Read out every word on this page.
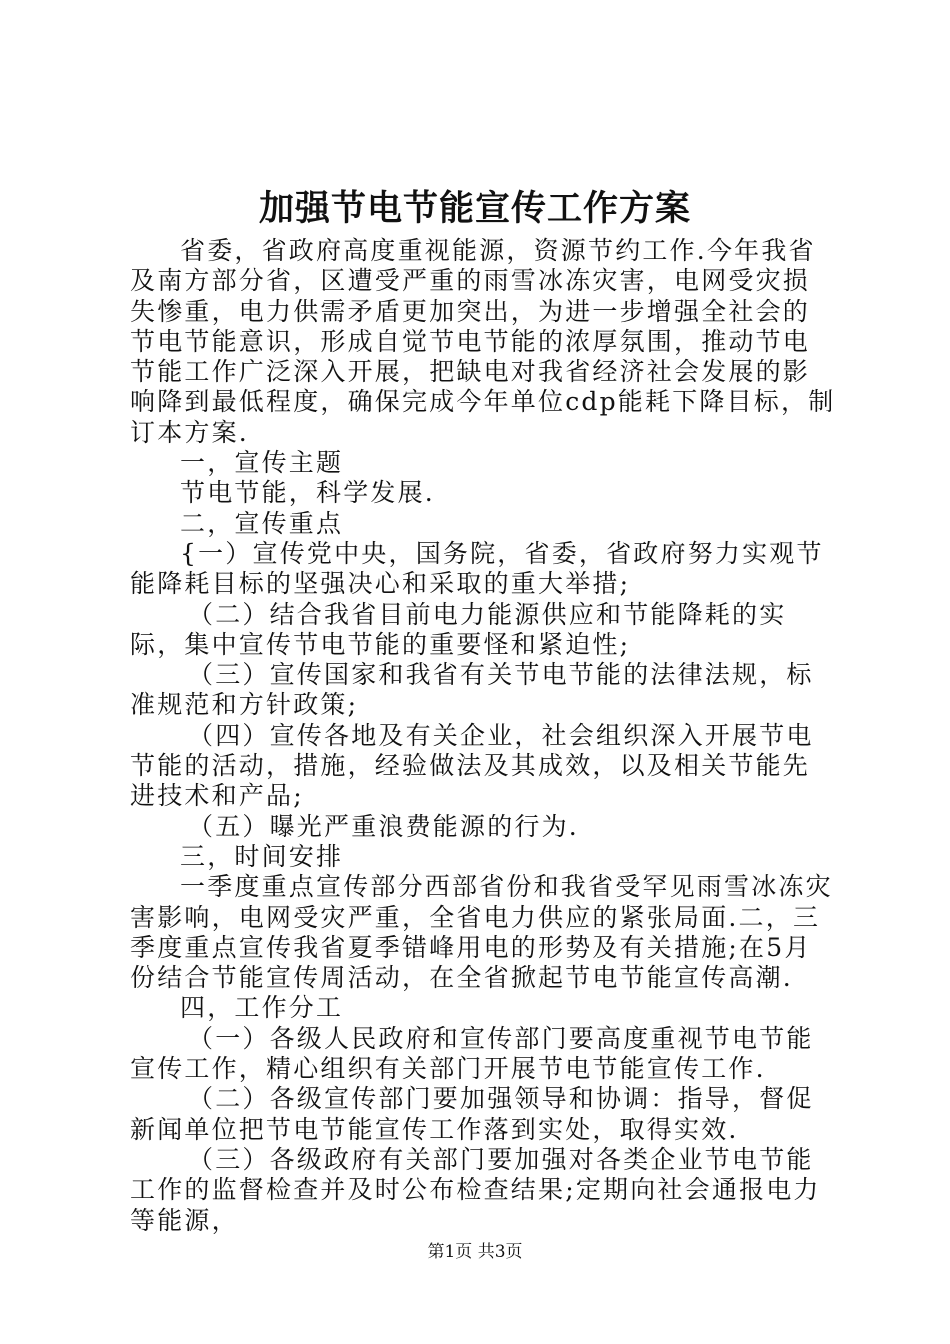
加强节电节能宣传工作方案

省委，省政府高度重视能源，资源节约工作.今年我省及南方部分省，区遭受严重的雨雪冰冻灾害，电网受灾损失惨重，电力供需矛盾更加突出，为进一步增强全社会的节电节能意识，形成自觉节电节能的浓厚氛围，推动节电节能工作广泛深入开展，把缺电对我省经济社会发展的影响降到最低程度，确保完成今年单位cdp能耗下降目标，制订本方案.

一，宣传主题

节电节能，科学发展.

二，宣传重点

{一）宣传党中央，国务院，省委，省政府努力实观节能降耗目标的坚强决心和采取的重大举措;

（二）结合我省目前电力能源供应和节能降耗的实际，集中宣传节电节能的重要怪和紧迫性;

（三）宣传国家和我省有关节电节能的法律法规，标准规范和方针政策;

（四）宣传各地及有关企业，社会组织深入开展节电节能的活动，措施，经验做法及其成效，以及相关节能先进技术和产品;

（五）曝光严重浪费能源的行为.

三，时间安排

一季度重点宣传部分西部省份和我省受罕见雨雪冰冻灾害影响，电网受灾严重，全省电力供应的紧张局面.二，三季度重点宣传我省夏季错峰用电的形势及有关措施;在5月份结合节能宣传周活动，在全省掀起节电节能宣传高潮.

四，工作分工

（一）各级人民政府和宣传部门要高度重视节电节能宣传工作，精心组织有关部门开展节电节能宣传工作.

（二）各级宣传部门要加强领导和协调：指导，督促新闻单位把节电节能宣传工作落到实处，取得实效.

（三）各级政府有关部门要加强对各类企业节电节能工作的监督检查并及时公布检查结果;定期向社会通报电力等能源，

第1页 共3页
